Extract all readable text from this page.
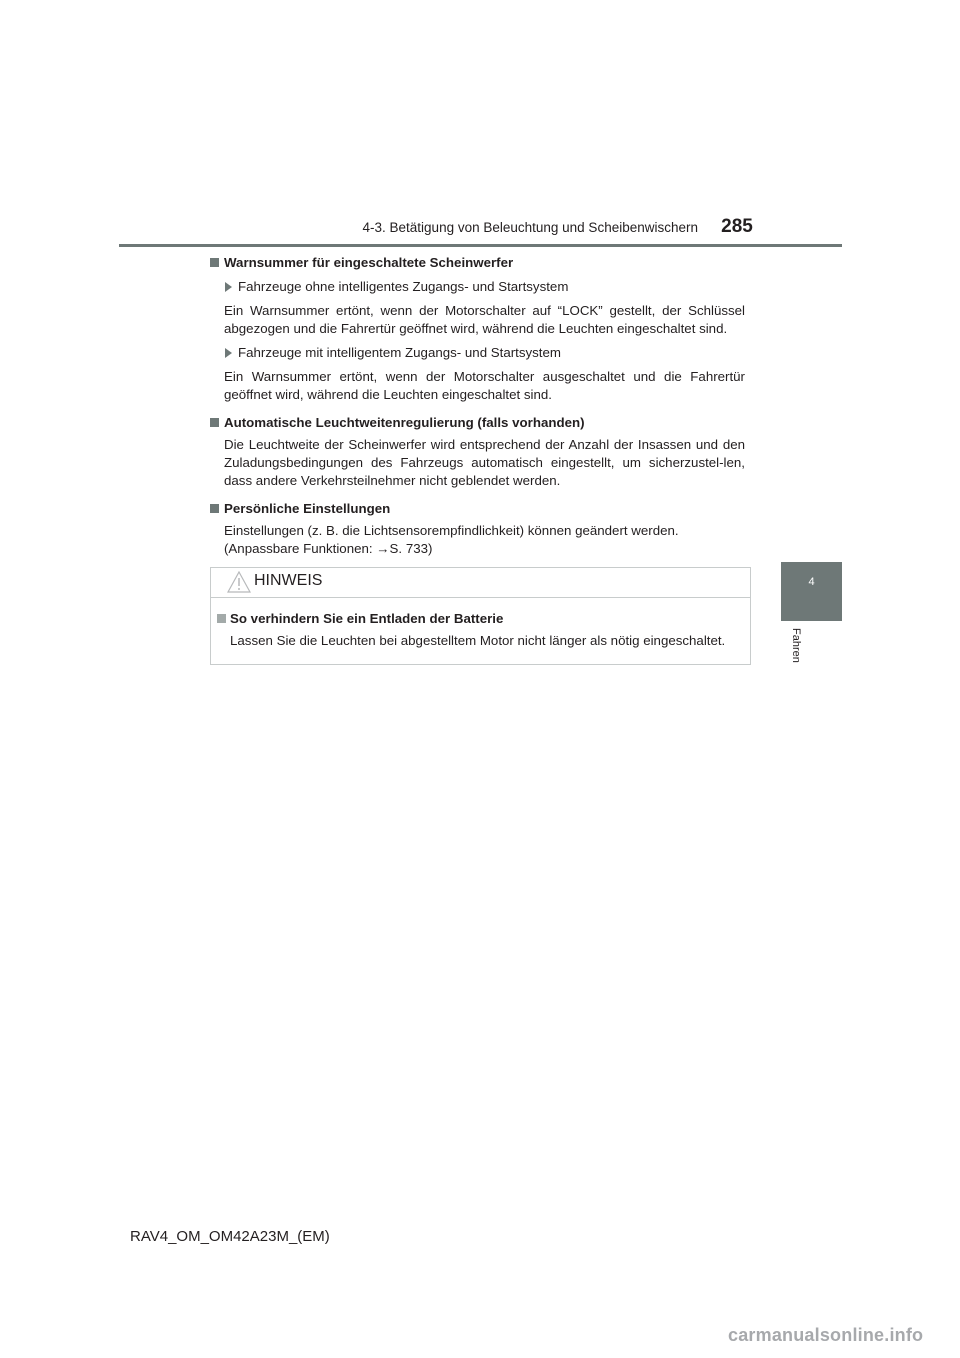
4-3. Betätigung von Beleuchtung und Scheibenwischern	285
4
Fahren
Warnsummer für eingeschaltete Scheinwerfer
Fahrzeuge ohne intelligentes Zugangs- und Startsystem
Ein Warnsummer ertönt, wenn der Motorschalter auf “LOCK” gestellt, der Schlüssel abgezogen und die Fahrertür geöffnet wird, während die Leuchten eingeschaltet sind.
Fahrzeuge mit intelligentem Zugangs- und Startsystem
Ein Warnsummer ertönt, wenn der Motorschalter ausgeschaltet und die Fahrertür geöffnet wird, während die Leuchten eingeschaltet sind.
Automatische Leuchtweitenregulierung (falls vorhanden)
Die Leuchtweite der Scheinwerfer wird entsprechend der Anzahl der Insassen und den Zuladungsbedingungen des Fahrzeugs automatisch eingestellt, um sicherzustel-len, dass andere Verkehrsteilnehmer nicht geblendet werden.
Persönliche Einstellungen
Einstellungen (z. B. die Lichtsensorempfindlichkeit) können geändert werden.
(Anpassbare Funktionen: →S. 733)
HINWEIS
So verhindern Sie ein Entladen der Batterie
Lassen Sie die Leuchten bei abgestelltem Motor nicht länger als nötig eingeschaltet.
RAV4_OM_OM42A23M_(EM)
carmanualsonline.info
